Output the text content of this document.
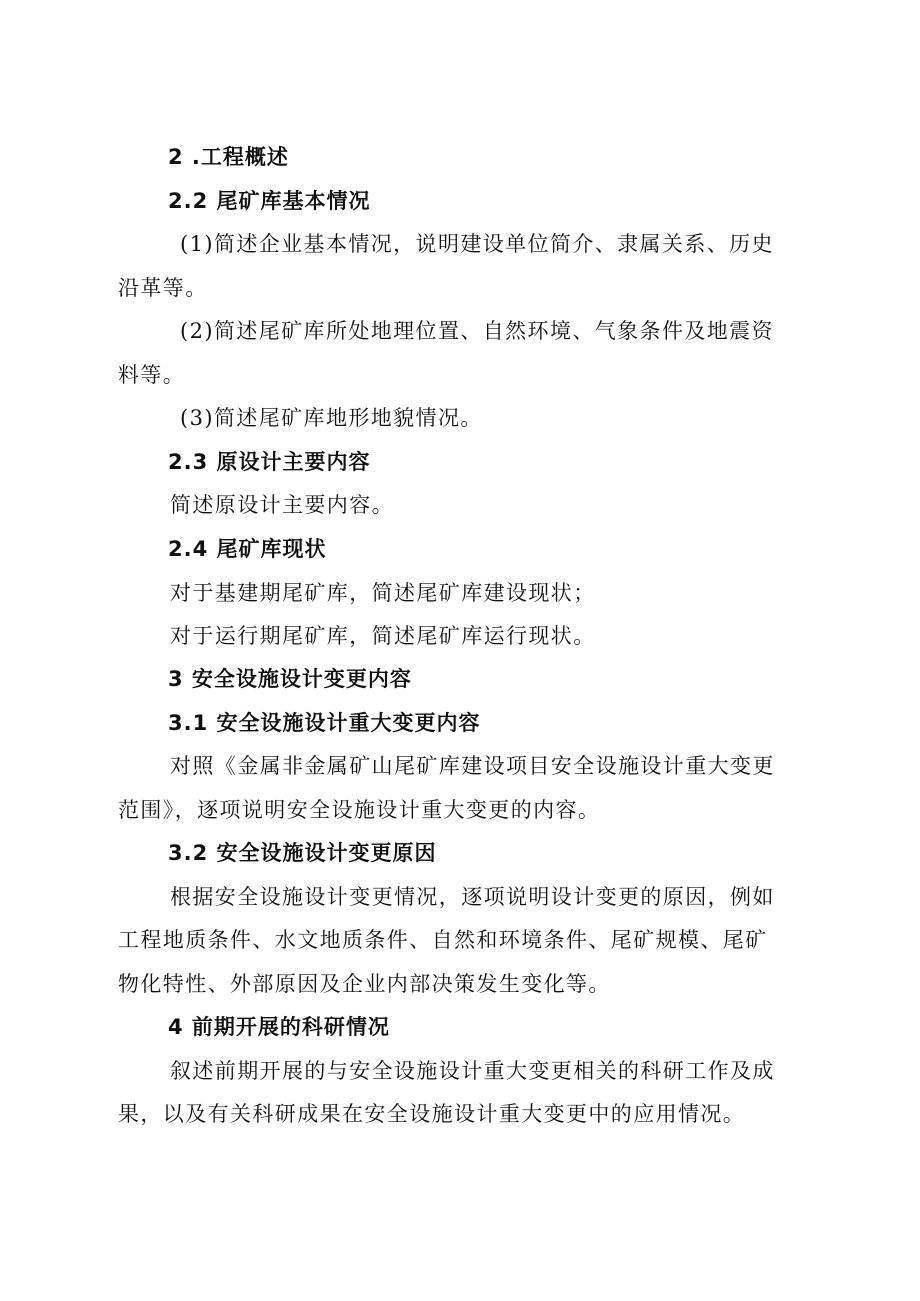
2 .工程概述

2.2 尾矿库基本情况

(1)简述企业基本情况，说明建设单位简介、隶属关系、历史

沿革等。

(2)简述尾矿库所处地理位置、自然环境、气象条件及地震资

料等。

(3)简述尾矿库地形地貌情况。

2.3 原设计主要内容

简述原设计主要内容。

2.4 尾矿库现状

对于基建期尾矿库，简述尾矿库建设现状；

对于运行期尾矿库，简述尾矿库运行现状。

3 安全设施设计变更内容

3.1 安全设施设计重大变更内容

对照《金属非金属矿山尾矿库建设项目安全设施设计重大变更

范围》，逐项说明安全设施设计重大变更的内容。

3.2 安全设施设计变更原因

根据安全设施设计变更情况，逐项说明设计变更的原因，例如

工程地质条件、水文地质条件、自然和环境条件、尾矿规模、尾矿

物化特性、外部原因及企业内部决策发生变化等。

4 前期开展的科研情况

叙述前期开展的与安全设施设计重大变更相关的科研工作及成

果，以及有关科研成果在安全设施设计重大变更中的应用情况。
